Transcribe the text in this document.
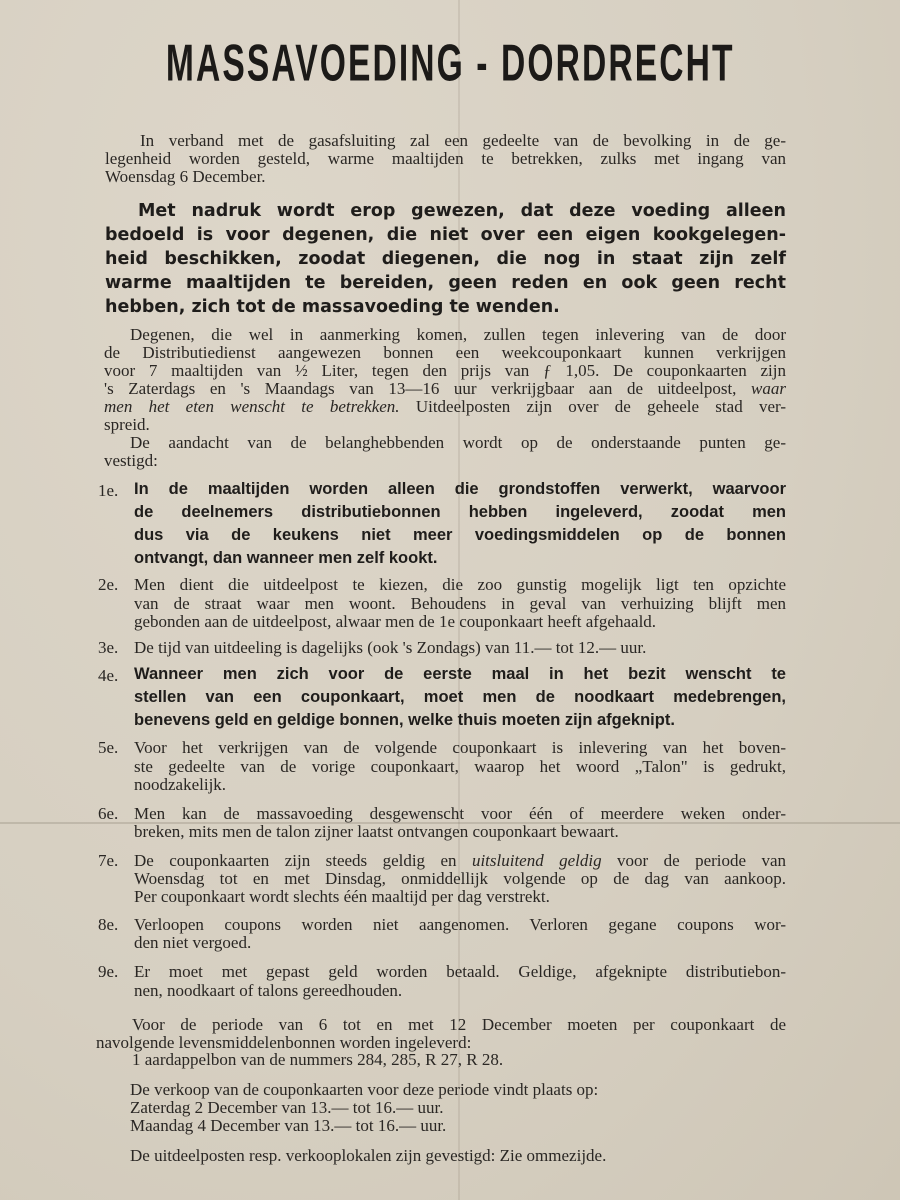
MASSAVOEDING - DORDRECHT
In verband met de gasafsluiting zal een gedeelte van de bevolking in de ge-
legenheid worden gesteld, warme maaltijden te betrekken, zulks met ingang van
Woensdag 6 December.
Met nadruk wordt erop gewezen, dat deze voeding alleen
bedoeld is voor degenen, die niet over een eigen kookgelegen-
heid beschikken, zoodat diegenen, die nog in staat zijn zelf
warme maaltijden te bereiden, geen reden en ook geen recht
hebben, zich tot de massavoeding te wenden.
Degenen, die wel in aanmerking komen, zullen tegen inlevering van de door
de Distributiedienst aangewezen bonnen een weekcouponkaart kunnen verkrijgen
voor 7 maaltijden van ½ Liter, tegen den prijs van ƒ 1,05. De couponkaarten zijn
's Zaterdags en 's Maandags van 13—16 uur verkrijgbaar aan de uitdeelpost, waar
men het eten wenscht te betrekken. Uitdeelposten zijn over de geheele stad ver-
spreid.
De aandacht van de belanghebbenden wordt op de onderstaande punten ge-
vestigd:
1e. In de maaltijden worden alleen die grondstoffen verwerkt, waarvoor
de deelnemers distributiebonnen hebben ingeleverd, zoodat men
dus via de keukens niet meer voedingsmiddelen op de bonnen
ontvangt, dan wanneer men zelf kookt.
2e. Men dient die uitdeelpost te kiezen, die zoo gunstig mogelijk ligt ten opzichte
van de straat waar men woont. Behoudens in geval van verhuizing blijft men
gebonden aan de uitdeelpost, alwaar men de 1e couponkaart heeft afgehaald.
3e. De tijd van uitdeeling is dagelijks (ook 's Zondags) van 11.— tot 12.— uur.
4e. Wanneer men zich voor de eerste maal in het bezit wenscht te
stellen van een couponkaart, moet men de noodkaart medebrengen,
benevens geld en geldige bonnen, welke thuis moeten zijn afgeknipt.
5e. Voor het verkrijgen van de volgende couponkaart is inlevering van het boven-
ste gedeelte van de vorige couponkaart, waarop het woord „Talon" is gedrukt,
noodzakelijk.
6e. Men kan de massavoeding desgewenscht voor één of meerdere weken onder-
breken, mits men de talon zijner laatst ontvangen couponkaart bewaart.
7e. De couponkaarten zijn steeds geldig en uitsluitend geldig voor de periode van
Woensdag tot en met Dinsdag, onmiddellijk volgende op de dag van aankoop.
Per couponkaart wordt slechts één maaltijd per dag verstrekt.
8e. Verloopen coupons worden niet aangenomen. Verloren gegane coupons wor-
den niet vergoed.
9e. Er moet met gepast geld worden betaald. Geldige, afgeknipte distributiebon-
nen, noodkaart of talons gereedhouden.
Voor de periode van 6 tot en met 12 December moeten per couponkaart de
navolgende levensmiddelenbonnen worden ingeleverd:
1 aardappelbon van de nummers 284, 285, R 27, R 28.
De verkoop van de couponkaarten voor deze periode vindt plaats op:
Zaterdag 2 December van 13.— tot 16.— uur.
Maandag 4 December van 13.— tot 16.— uur.
De uitdeelposten resp. verkooplokalen zijn gevestigd: Zie ommezijde.
